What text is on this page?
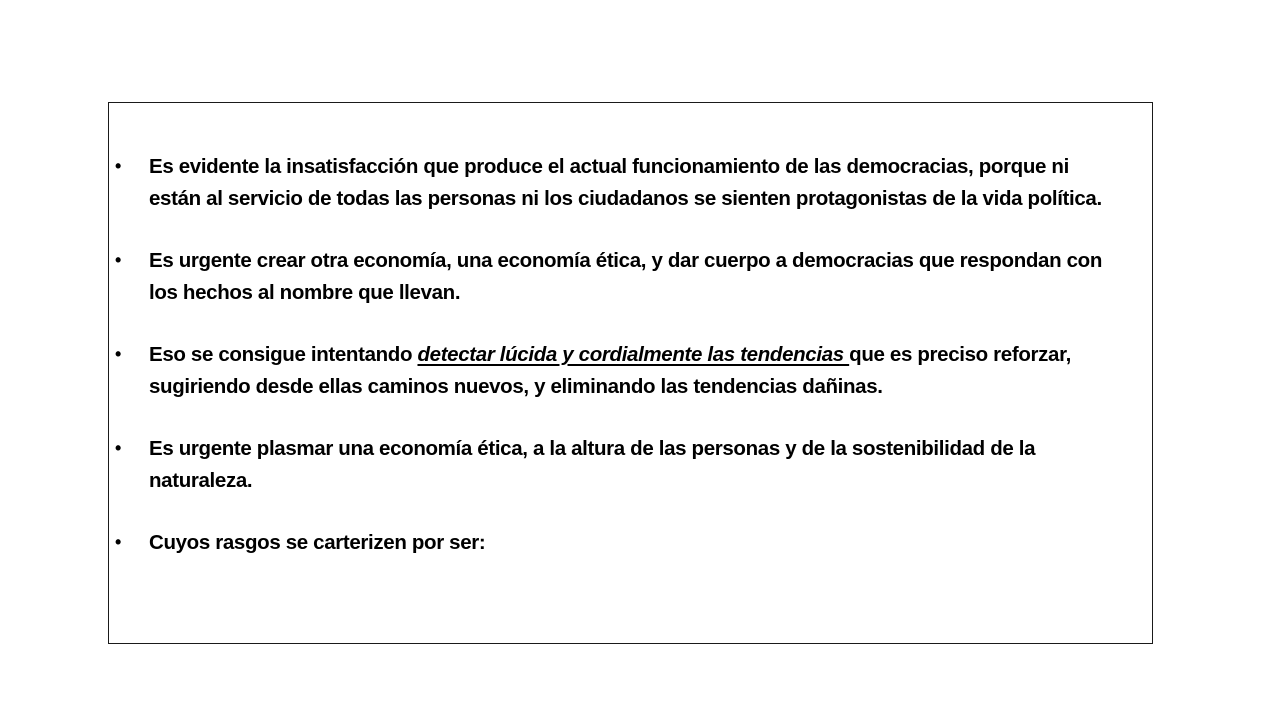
•	Es evidente la insatisfacción que produce el actual funcionamiento de las democracias, porque ni están al servicio de todas las personas ni los ciudadanos se sienten protagonistas de la vida política.
•	Es urgente crear otra economía, una economía ética, y dar cuerpo a democracias que respondan con los hechos al nombre que llevan.
•	Eso se consigue intentando detectar lúcida y cordialmente las tendencias que es preciso reforzar, sugiriendo desde ellas caminos nuevos, y eliminando las tendencias dañinas.
•	Es urgente plasmar una economía ética, a la altura de las personas y de la sostenibilidad de la naturaleza.
•	Cuyos rasgos se carterizen por ser:
